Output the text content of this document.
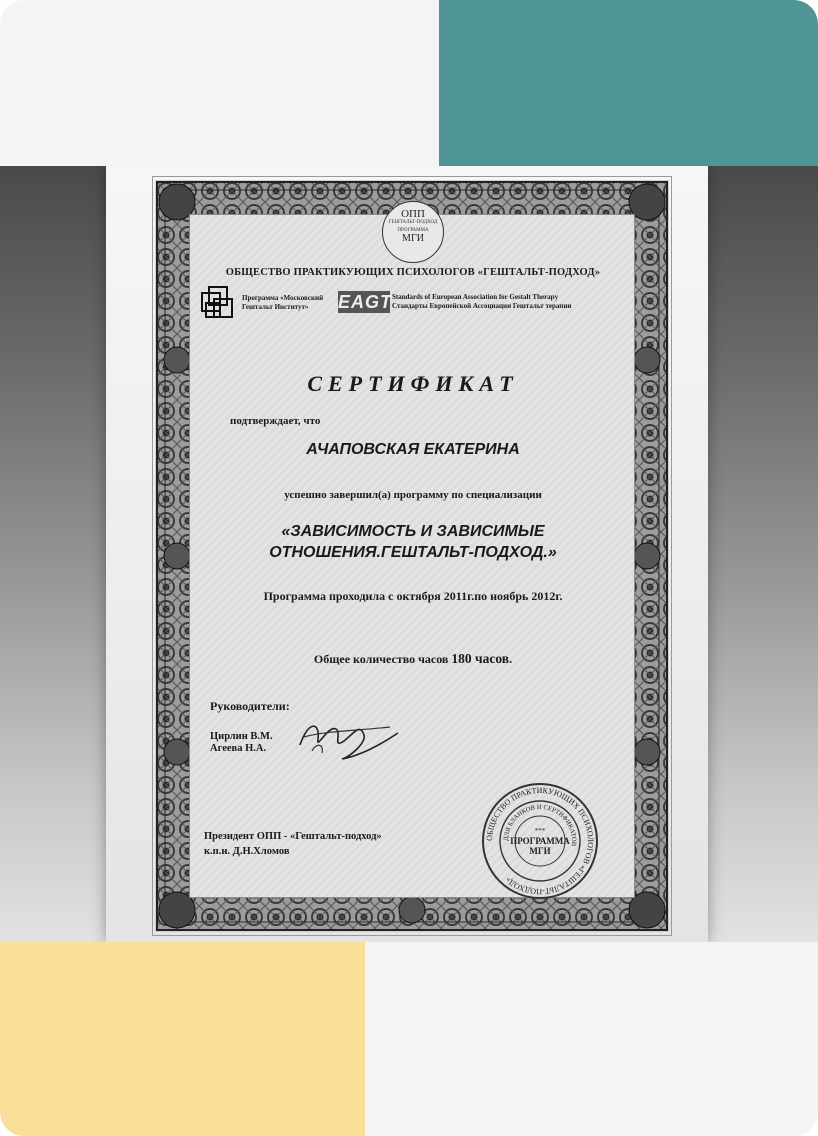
ОПП
ГЕШТАЛЬТ-ПОДХОД
ПРОГРАММА
МГИ
ОБЩЕСТВО ПРАКТИКУЮЩИХ ПСИХОЛОГОВ «ГЕШТАЛЬТ-ПОДХОД»
Программа «Московский
Гештальт Институт»	EAGT Standards of European Association for Gestalt Therapy
Стандарты Европейской Ассоциации Гештальт терапии
СЕРТИФИКАТ
подтверждает, что
АЧАПОВСКАЯ ЕКАТЕРИНА
успешно завершил(а) программу по специализации
«ЗАВИСИМОСТЬ И ЗАВИСИМЫЕ
ОТНОШЕНИЯ.ГЕШТАЛЬТ-ПОДХОД.»
Программа проходила с октября 2011г.по ноябрь 2012г.
Общее количество часов 180 часов.
Руководители:
Цирлин В.М.
Агеева Н.А.
Президент ОПП - «Гештальт-подход»
к.п.н. Д.Н.Хломов
ОБЩЕСТВО ПРАКТИКУЮЩИХ ПСИХОЛОГОВ «ГЕШТАЛЬТ-ПОДХОД»
ДЛЯ БЛАНКОВ И СЕРТИФИКАТОВ
***
ПРОГРАММА
МГИ
